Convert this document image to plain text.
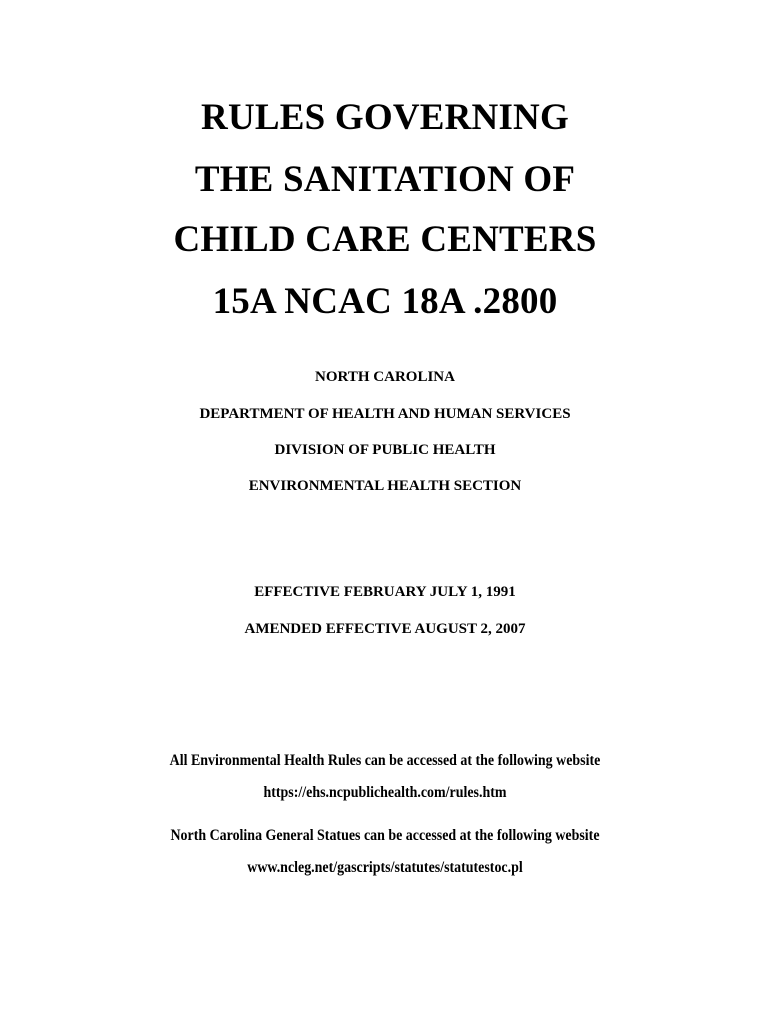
RULES GOVERNING
THE SANITATION OF
CHILD CARE CENTERS
15A NCAC 18A .2800
NORTH CAROLINA
DEPARTMENT OF HEALTH AND HUMAN SERVICES
DIVISION OF PUBLIC HEALTH
ENVIRONMENTAL HEALTH SECTION
EFFECTIVE FEBRUARY JULY 1, 1991
AMENDED EFFECTIVE AUGUST 2, 2007
All Environmental Health Rules can be accessed at the following website
https://ehs.ncpublichealth.com/rules.htm
North Carolina General Statues can be accessed at the following website
www.ncleg.net/gascripts/statutes/statutestoc.pl
